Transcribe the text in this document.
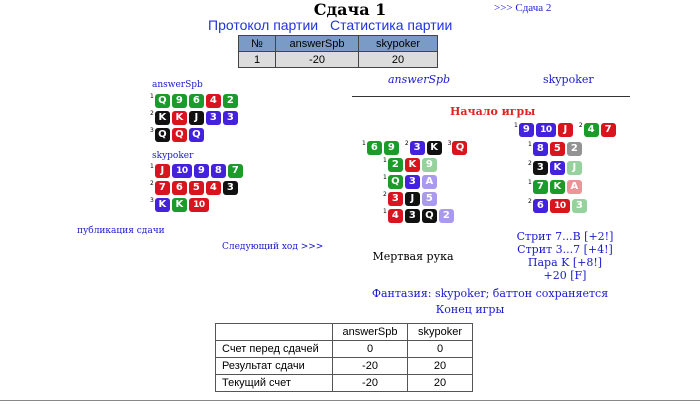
Сдача 1	>>> Сдача 2
Протокол партии Статистика партии
№	answerSpb	skypoker
1	-20	20
answerSpb
$^1$ Q 9 6 4 2
$^2$ K K J 3 3
$^3$ Q Q Q
skypoker
$^1$ J 10 9 8 7
$^2$ 7 6 5 4 3
$^3$ K K 10
публикация сдачи
Следующий ход >>>
answerSpb	skypoker
Начало игры
$^1$ 6 9 $^2$ 3 K $^3$ Q
$^1$ 2 K 9
$^1$ Q 3 A
$^2$ 3 J 5
$^1$ 4 3 Q 2
$^1$ 9 10 J $^2$ 4 7
$^1$ 8 5 2
$^2$ 3 K J
$^1$ 7 K A
$^2$ 6 10 3
Мертвая рука
Стрит 7...B [+2!]
Стрит 3...7 [+4!]
Пара K [+8!]
+20 [F]
Фантазия: skypoker; баттон сохраняется
Конец игры
	answerSpb	skypoker
Счет перед сдачей	0	0
Результат сдачи	-20	20
Текущий счет	-20	20
